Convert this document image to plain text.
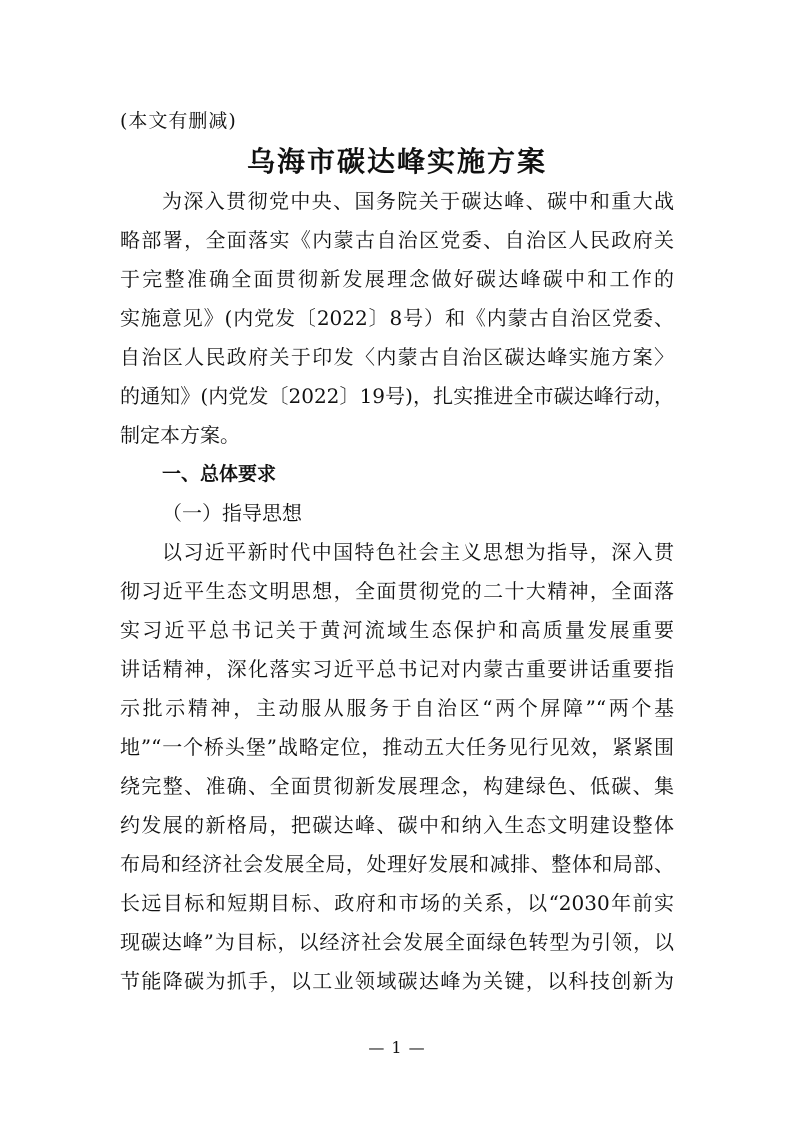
(本文有删减)
乌海市碳达峰实施方案
为深入贯彻党中央、国务院关于碳达峰、碳中和重大战
略部署，全面落实《内蒙古自治区党委、自治区人民政府关
于完整准确全面贯彻新发展理念做好碳达峰碳中和工作的
实施意见》(内党发〔2022〕8号）和《内蒙古自治区党委、
自治区人民政府关于印发〈内蒙古自治区碳达峰实施方案〉
的通知》(内党发〔2022〕19号)，扎实推进全市碳达峰行动，
制定本方案。
一、总体要求
（一）指导思想
以习近平新时代中国特色社会主义思想为指导，深入贯
彻习近平生态文明思想，全面贯彻党的二十大精神，全面落
实习近平总书记关于黄河流域生态保护和高质量发展重要
讲话精神，深化落实习近平总书记对内蒙古重要讲话重要指
示批示精神，主动服从服务于自治区“两个屏障”“两个基
地”“一个桥头堡”战略定位，推动五大任务见行见效，紧紧围
绕完整、准确、全面贯彻新发展理念，构建绿色、低碳、集
约发展的新格局，把碳达峰、碳中和纳入生态文明建设整体
布局和经济社会发展全局，处理好发展和减排、整体和局部、
长远目标和短期目标、政府和市场的关系，以“2030年前实
现碳达峰”为目标，以经济社会发展全面绿色转型为引领，以
节能降碳为抓手，以工业领域碳达峰为关键，以科技创新为
— 1 —
